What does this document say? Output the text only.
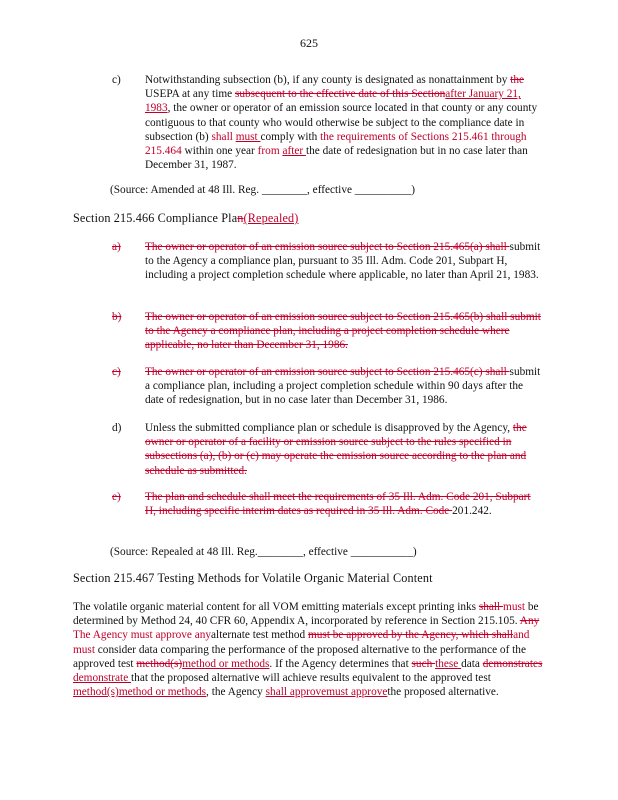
625
c) Notwithstanding subsection (b), if any county is designated as nonattainment by the USEPA at any time subsequent to the effective date of this Sectionafter January 21, 1983, the owner or operator of an emission source located in that county or any county contiguous to that county who would otherwise be subject to the compliance date in subsection (b) shall must comply with the requirements of Sections 215.461 through 215.464 within one year from after the date of redesignation but in no case later than December 31, 1987.

(Source: Amended at 48 Ill. Reg. ________, effective __________)
Section 215.466 Compliance Plan(Repealed)
a) The owner or operator of an emission source subject to Section 215.465(a) shall submit to the Agency a compliance plan, pursuant to 35 Ill. Adm. Code 201, Subpart H, including a project completion schedule where applicable, no later than April 21, 1983.

b) The owner or operator of an emission source subject to Section 215.465(b) shall submit to the Agency a compliance plan, including a project completion schedule where applicable, no later than December 31, 1986.

c) The owner or operator of an emission source subject to Section 215.465(c) shall submit a compliance plan, including a project completion schedule within 90 days after the date of redesignation, but in no case later than December 31, 1986.

d) Unless the submitted compliance plan or schedule is disapproved by the Agency, the owner or operator of a facility or emission source subject to the rules specified in subsections (a), (b) or (c) may operate the emission source according to the plan and schedule as submitted.

e) The plan and schedule shall meet the requirements of 35 Ill. Adm. Code 201, Subpart H, including specific interim dates as required in 35 Ill. Adm. Code 201.242.

(Source: Repealed at 48 Ill. Reg.________, effective ___________)
Section 215.467 Testing Methods for Volatile Organic Material Content

The volatile organic material content for all VOM emitting materials except printing inks shall must be determined by Method 24, 40 CFR 60, Appendix A, incorporated by reference in Section 215.105. Any The Agency must approve anyalternate test method must be approved by the Agency, which shalland must consider data comparing the performance of the proposed alternative to the performance of the approved test method(s)method or methods. If the Agency determines that such these data demonstrates demonstrate that the proposed alternative will achieve results equivalent to the approved test method(s)method or methods, the Agency shall approvemust approvethe proposed alternative.
